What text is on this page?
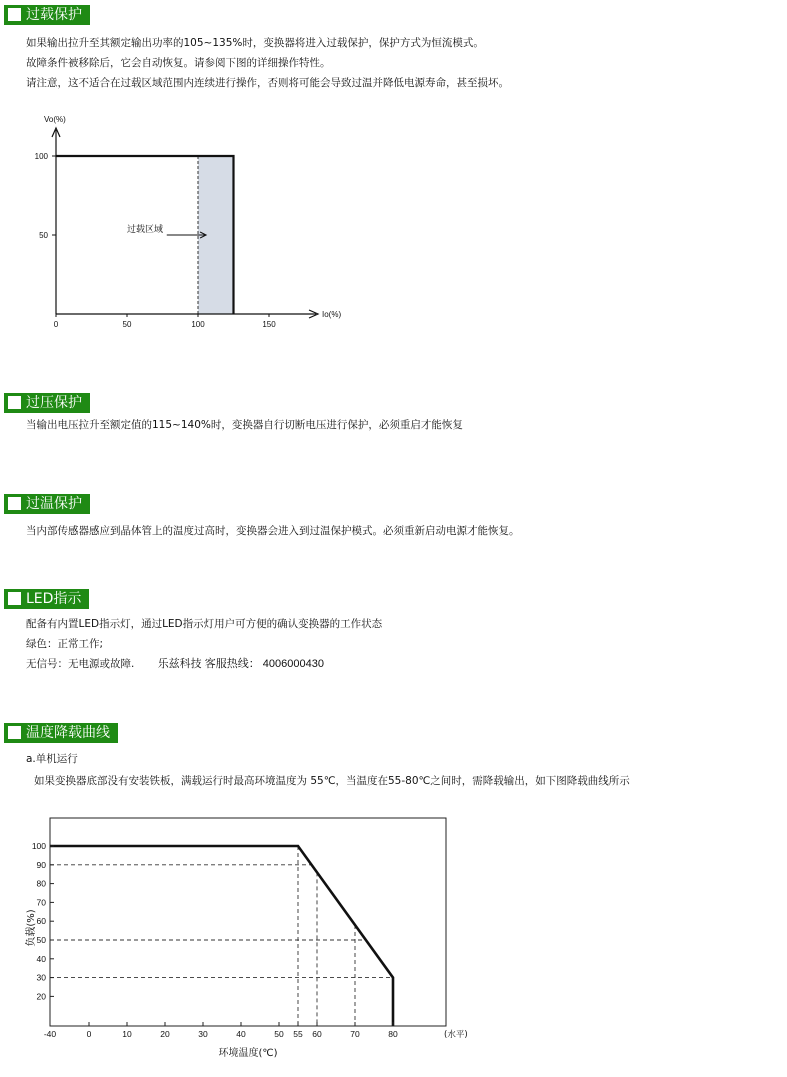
过载保护
如果输出拉升至其额定输出功率的105~135%时，变换器将进入过载保护，保护方式为恒流模式。
故障条件被移除后，它会自动恢复。请参阅下图的详细操作特性。
请注意，这不适合在过载区域范围内连续进行操作，否则将可能会导致过温并降低电源寿命，甚至损坏。
0	50	100	150
50
100
Vo(%)
Io(%)
过载区域
过压保护
当输出电压拉升至额定值的115~140%时，变换器自行切断电压进行保护，必须重启才能恢复
过温保护
当内部传感器感应到晶体管上的温度过高时，变换器会进入到过温保护模式。必须重新启动电源才能恢复。
LED指示
配备有内置LED指示灯，通过LED指示灯用户可方便的确认变换器的工作状态
绿色：正常工作;
无信号：无电源或故障. 乐兹科技 客服热线： 4006000430
温度降载曲线
a.单机运行
如果变换器底部没有安装铁板，满载运行时最高环境温度为 55℃，当温度在55-80℃之间时，需降载输出，如下图降载曲线所示
20
30
40
50
60
70
80
90
100
-40	0	10	20	30	40	50 55 60	70	80	(水平)
环境温度(℃)
负载(%)
